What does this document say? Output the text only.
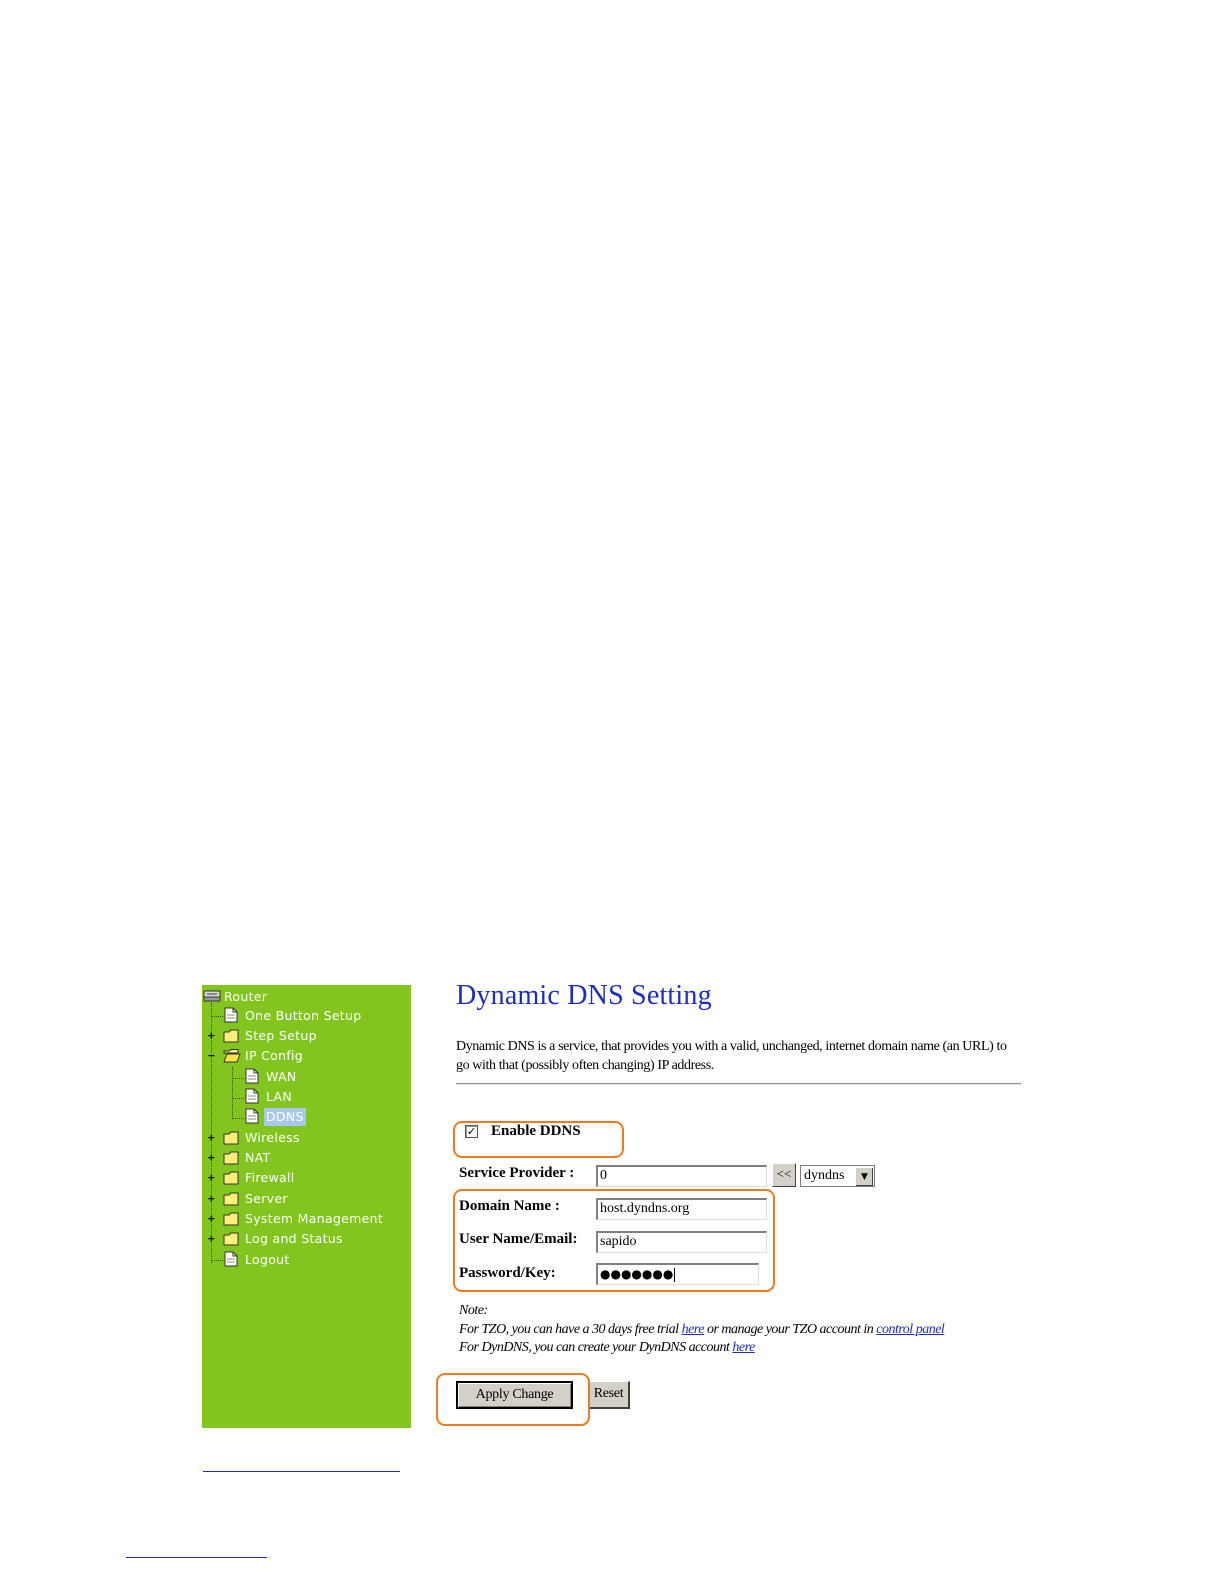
Router
One Button Setup
+ Step Setup
− IP Config
WAN
LAN
DDNS
+ Wireless
+ NAT
+ Firewall
+ Server
+ System Management
+ Log and Status
Logout
Dynamic DNS Setting
Dynamic DNS is a service, that provides you with a valid, unchanged, internet domain name (an URL) to
go with that (possibly often changing) IP address.
✓ Enable DDNS
Service Provider : 0	<< dyndns	▼
Domain Name :	host.dyndns.org
User Name/Email: sapido
Password/Key:	●●●●●●●
Note:
For TZO, you can have a 30 days free trial here or manage your TZO account in control panel
For DynDNS, you can create your DynDNS account here
Apply Change	Reset
